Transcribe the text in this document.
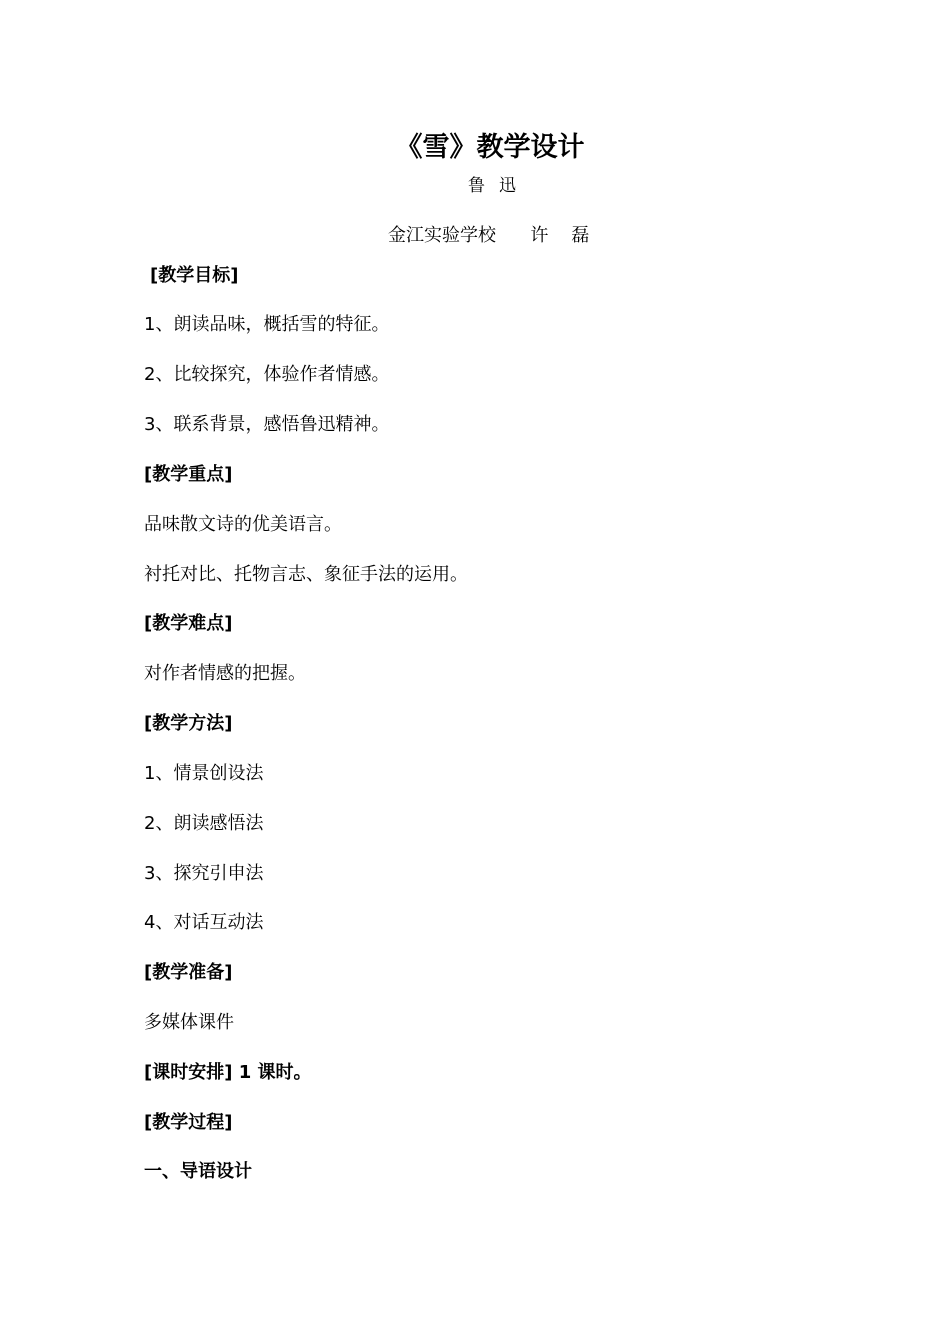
《雪》教学设计
鲁迅
金江实验学校      许    磊
[教学目标]
1、朗读品味，概括雪的特征。
2、比较探究，体验作者情感。
3、联系背景，感悟鲁迅精神。
[教学重点]
品味散文诗的优美语言。
衬托对比、托物言志、象征手法的运用。
[教学难点]
对作者情感的把握。
[教学方法]
1、情景创设法
2、朗读感悟法
3、探究引申法
4、对话互动法
[教学准备]
多媒体课件
[课时安排] 1 课时。
[教学过程]
一、导语设计
